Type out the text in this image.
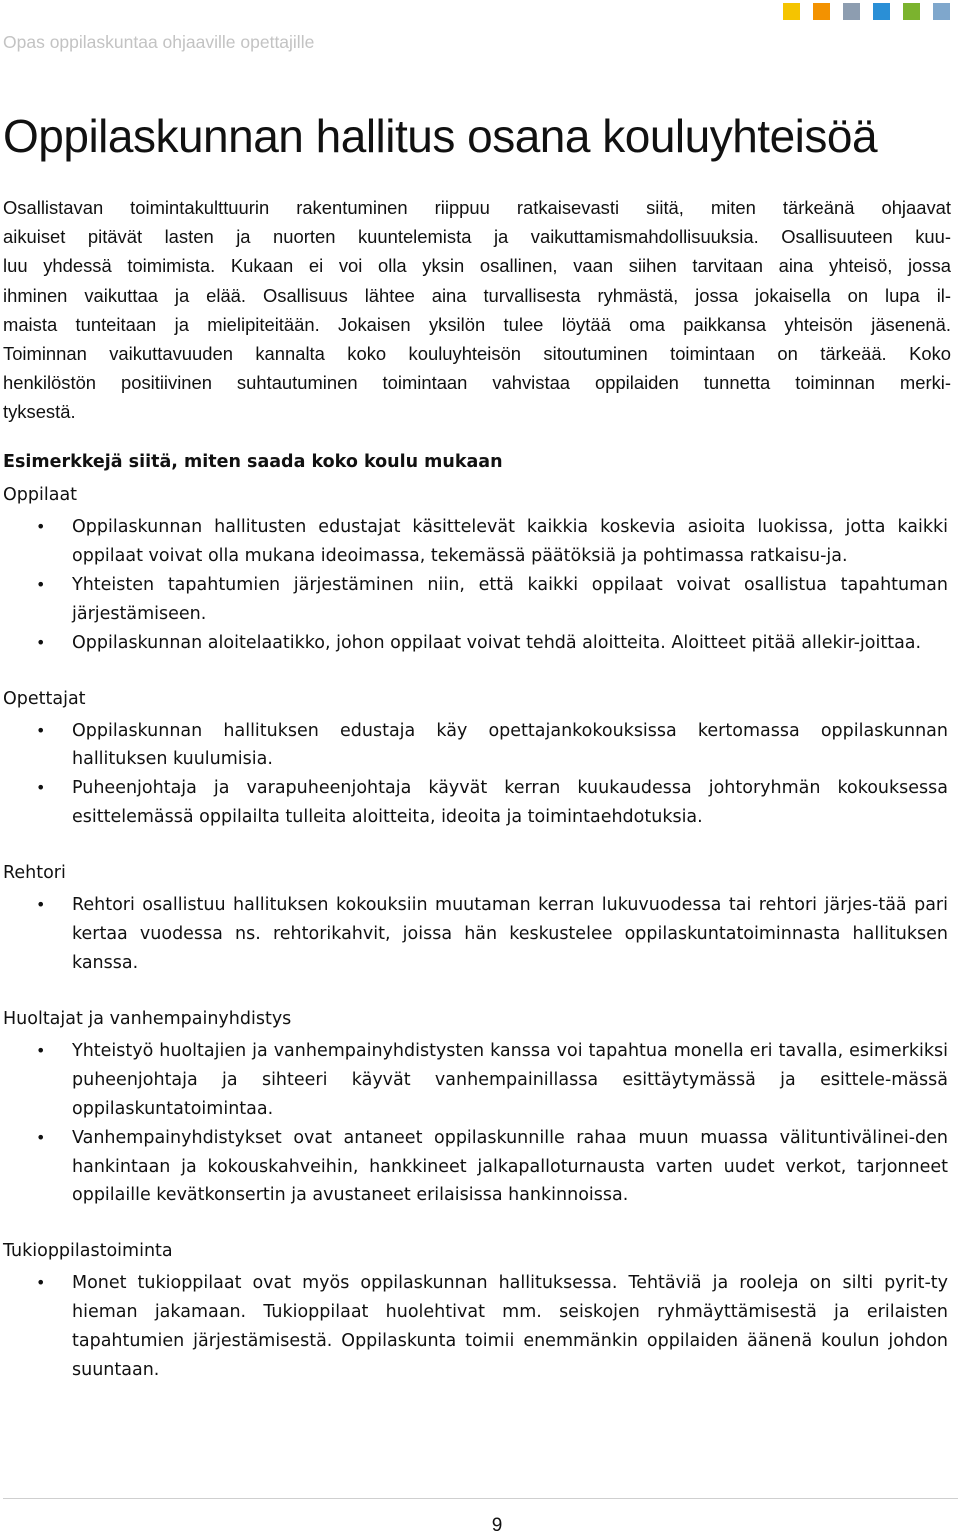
Opas oppilaskuntaa ohjaaville opettajille
Oppilaskunnan hallitus osana kouluyhteisöä
Osallistavan toimintakulttuurin rakentuminen riippuu ratkaisevasti siitä, miten tärkeänä ohjaavat
aikuiset pitävät lasten ja nuorten kuuntelemista ja vaikuttamismahdollisuuksia. Osallisuuteen kuu-
luu yhdessä toimimista. Kukaan ei voi olla yksin osallinen, vaan siihen tarvitaan aina yhteisö, jossa
ihminen vaikuttaa ja elää. Osallisuus lähtee aina turvallisesta ryhmästä, jossa jokaisella on lupa il-
maista tunteitaan ja mielipiteitään. Jokaisen yksilön tulee löytää oma paikkansa yhteisön jäsenenä.
Toiminnan vaikuttavuuden kannalta koko kouluyhteisön sitoutuminen toimintaan on tärkeää. Koko
henkilöstön positiivinen suhtautuminen toimintaan vahvistaa oppilaiden tunnetta toiminnan merki-
tyksestä.
Esimerkkejä siitä, miten saada koko koulu mukaan
Oppilaat
• Oppilaskunnan hallitusten edustajat käsittelevät kaikkia koskevia asioita luokissa, jotta kaikki oppilaat voivat olla mukana ideoimassa, tekemässä päätöksiä ja pohtimassa ratkaisu-ja.
• Yhteisten tapahtumien järjestäminen niin, että kaikki oppilaat voivat osallistua tapahtuman järjestämiseen.
• Oppilaskunnan aloitelaatikko, johon oppilaat voivat tehdä aloitteita. Aloitteet pitää allekir-joittaa.
Opettajat
• Oppilaskunnan hallituksen edustaja käy opettajankokouksissa kertomassa oppilaskunnan hallituksen kuulumisia.
• Puheenjohtaja ja varapuheenjohtaja käyvät kerran kuukaudessa johtoryhmän kokouksessa esittelemässä oppilailta tulleita aloitteita, ideoita ja toimintaehdotuksia.
Rehtori
• Rehtori osallistuu hallituksen kokouksiin muutaman kerran lukuvuodessa tai rehtori järjes-tää pari kertaa vuodessa ns. rehtorikahvit, joissa hän keskustelee oppilaskuntatoiminnasta hallituksen kanssa.
Huoltajat ja vanhempainyhdistys
• Yhteistyö huoltajien ja vanhempainyhdistysten kanssa voi tapahtua monella eri tavalla, esimerkiksi puheenjohtaja ja sihteeri käyvät vanhempainillassa esittäytymässä ja esittele-mässä oppilaskuntatoimintaa.
• Vanhempainyhdistykset ovat antaneet oppilaskunnille rahaa muun muassa välituntivälinei-den hankintaan ja kokouskahveihin, hankkineet jalkapalloturnausta varten uudet verkot, tarjonneet oppilaille kevätkonsertin ja avustaneet erilaisissa hankinnoissa.
Tukioppilastoiminta
• Monet tukioppilaat ovat myös oppilaskunnan hallituksessa. Tehtäviä ja rooleja on silti pyrit-ty hieman jakamaan. Tukioppilaat huolehtivat mm. seiskojen ryhmäyttämisestä ja erilaisten tapahtumien järjestämisestä. Oppilaskunta toimii enemmänkin oppilaiden äänenä koulun johdon suuntaan.
9
